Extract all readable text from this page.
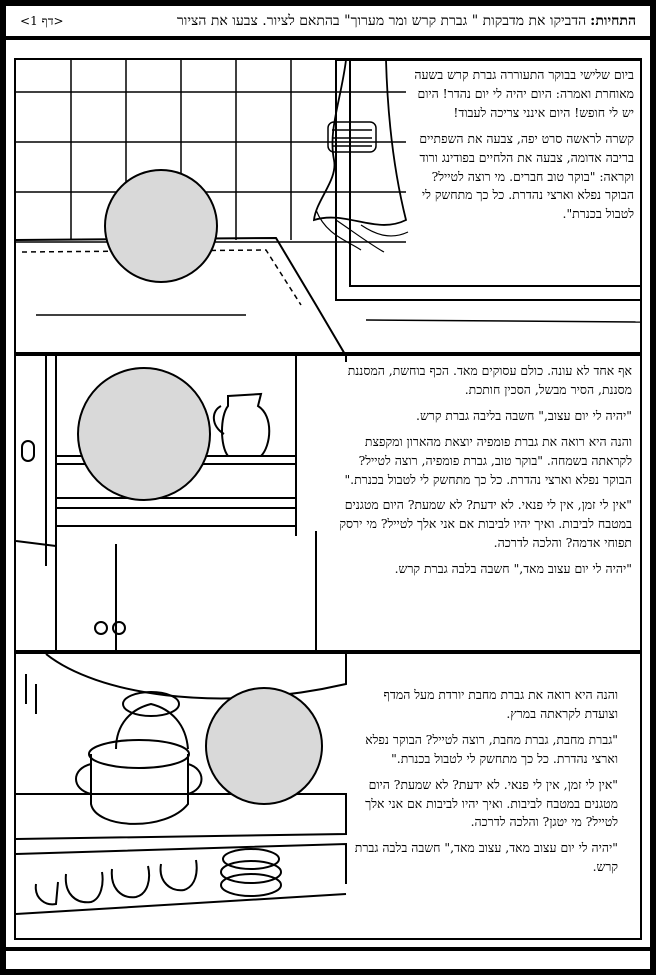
התחיות:
הדביקו את מדבקות " גברת קרש ומר מערוך" בהתאם לציור. צבעו את הציור
<דף 1>

ביום שלישי בבוקר התעוררה גברת קרש בשעה מאוחרת ואמרה: היום יהיה לי יום נהדר! היום יש לי חופש! היום אינני צריכה לעבוד!

קשרה לראשה סרט יפה, צבעה את השפתיים בריבה אדומה, צבעה את הלחיים בפודינג ורוד וקראה: "בוקר טוב חברים. מי רוצה לטייל? הבוקר נפלא וארצי נהדרת. כל כך מתחשק לי לטבול בכנרת".

אף אחד לא עונה. כולם עסוקים מאד. הכף בוחשת, המסננת מסננת, הסיר מבשל, הסכין חותכת.

"יהיה לי יום עצוב," חשבה בליבה גברת קרש.

והנה היא רואה את גברת פומפיה יוצאת מהארון ומקפצת לקראתה בשמחה. "בוקר טוב, גברת פומפיה, רוצה לטייל? הבוקר נפלא וארצי נהדרת. כל כך מתחשק לי לטבול בכנרת."

"אין לי זמן, אין לי פנאי. לא ידעת? לא שמעת? היום מטגנים במטבח לביבות. ואיך יהיו לביבות אם אני אלך לטייל? מי ירסק תפוחי אדמה? והלכה לדרכה.

"יהיה לי יום עצוב מאד," חשבה בלבה גברת קרש.

והנה היא רואה את גברת מחבת יורדת מעל המדף וצועדת לקראתה במרץ.

"גברת מחבת, גברת מחבת, רוצה לטייל? הבוקר נפלא וארצי נהדרת. כל כך מתחשק לי לטבול בכנרת."

"אין לי זמן, אין לי פנאי. לא ידעת? לא שמעת? היום מטגנים במטבח לביבות. ואיך יהיו לביבות אם אני אלך לטייל? מי יטגן? והלכה לדרכה.

"יהיה לי יום עצוב מאד, עצוב מאד," חשבה בלבה גברת קרש.
